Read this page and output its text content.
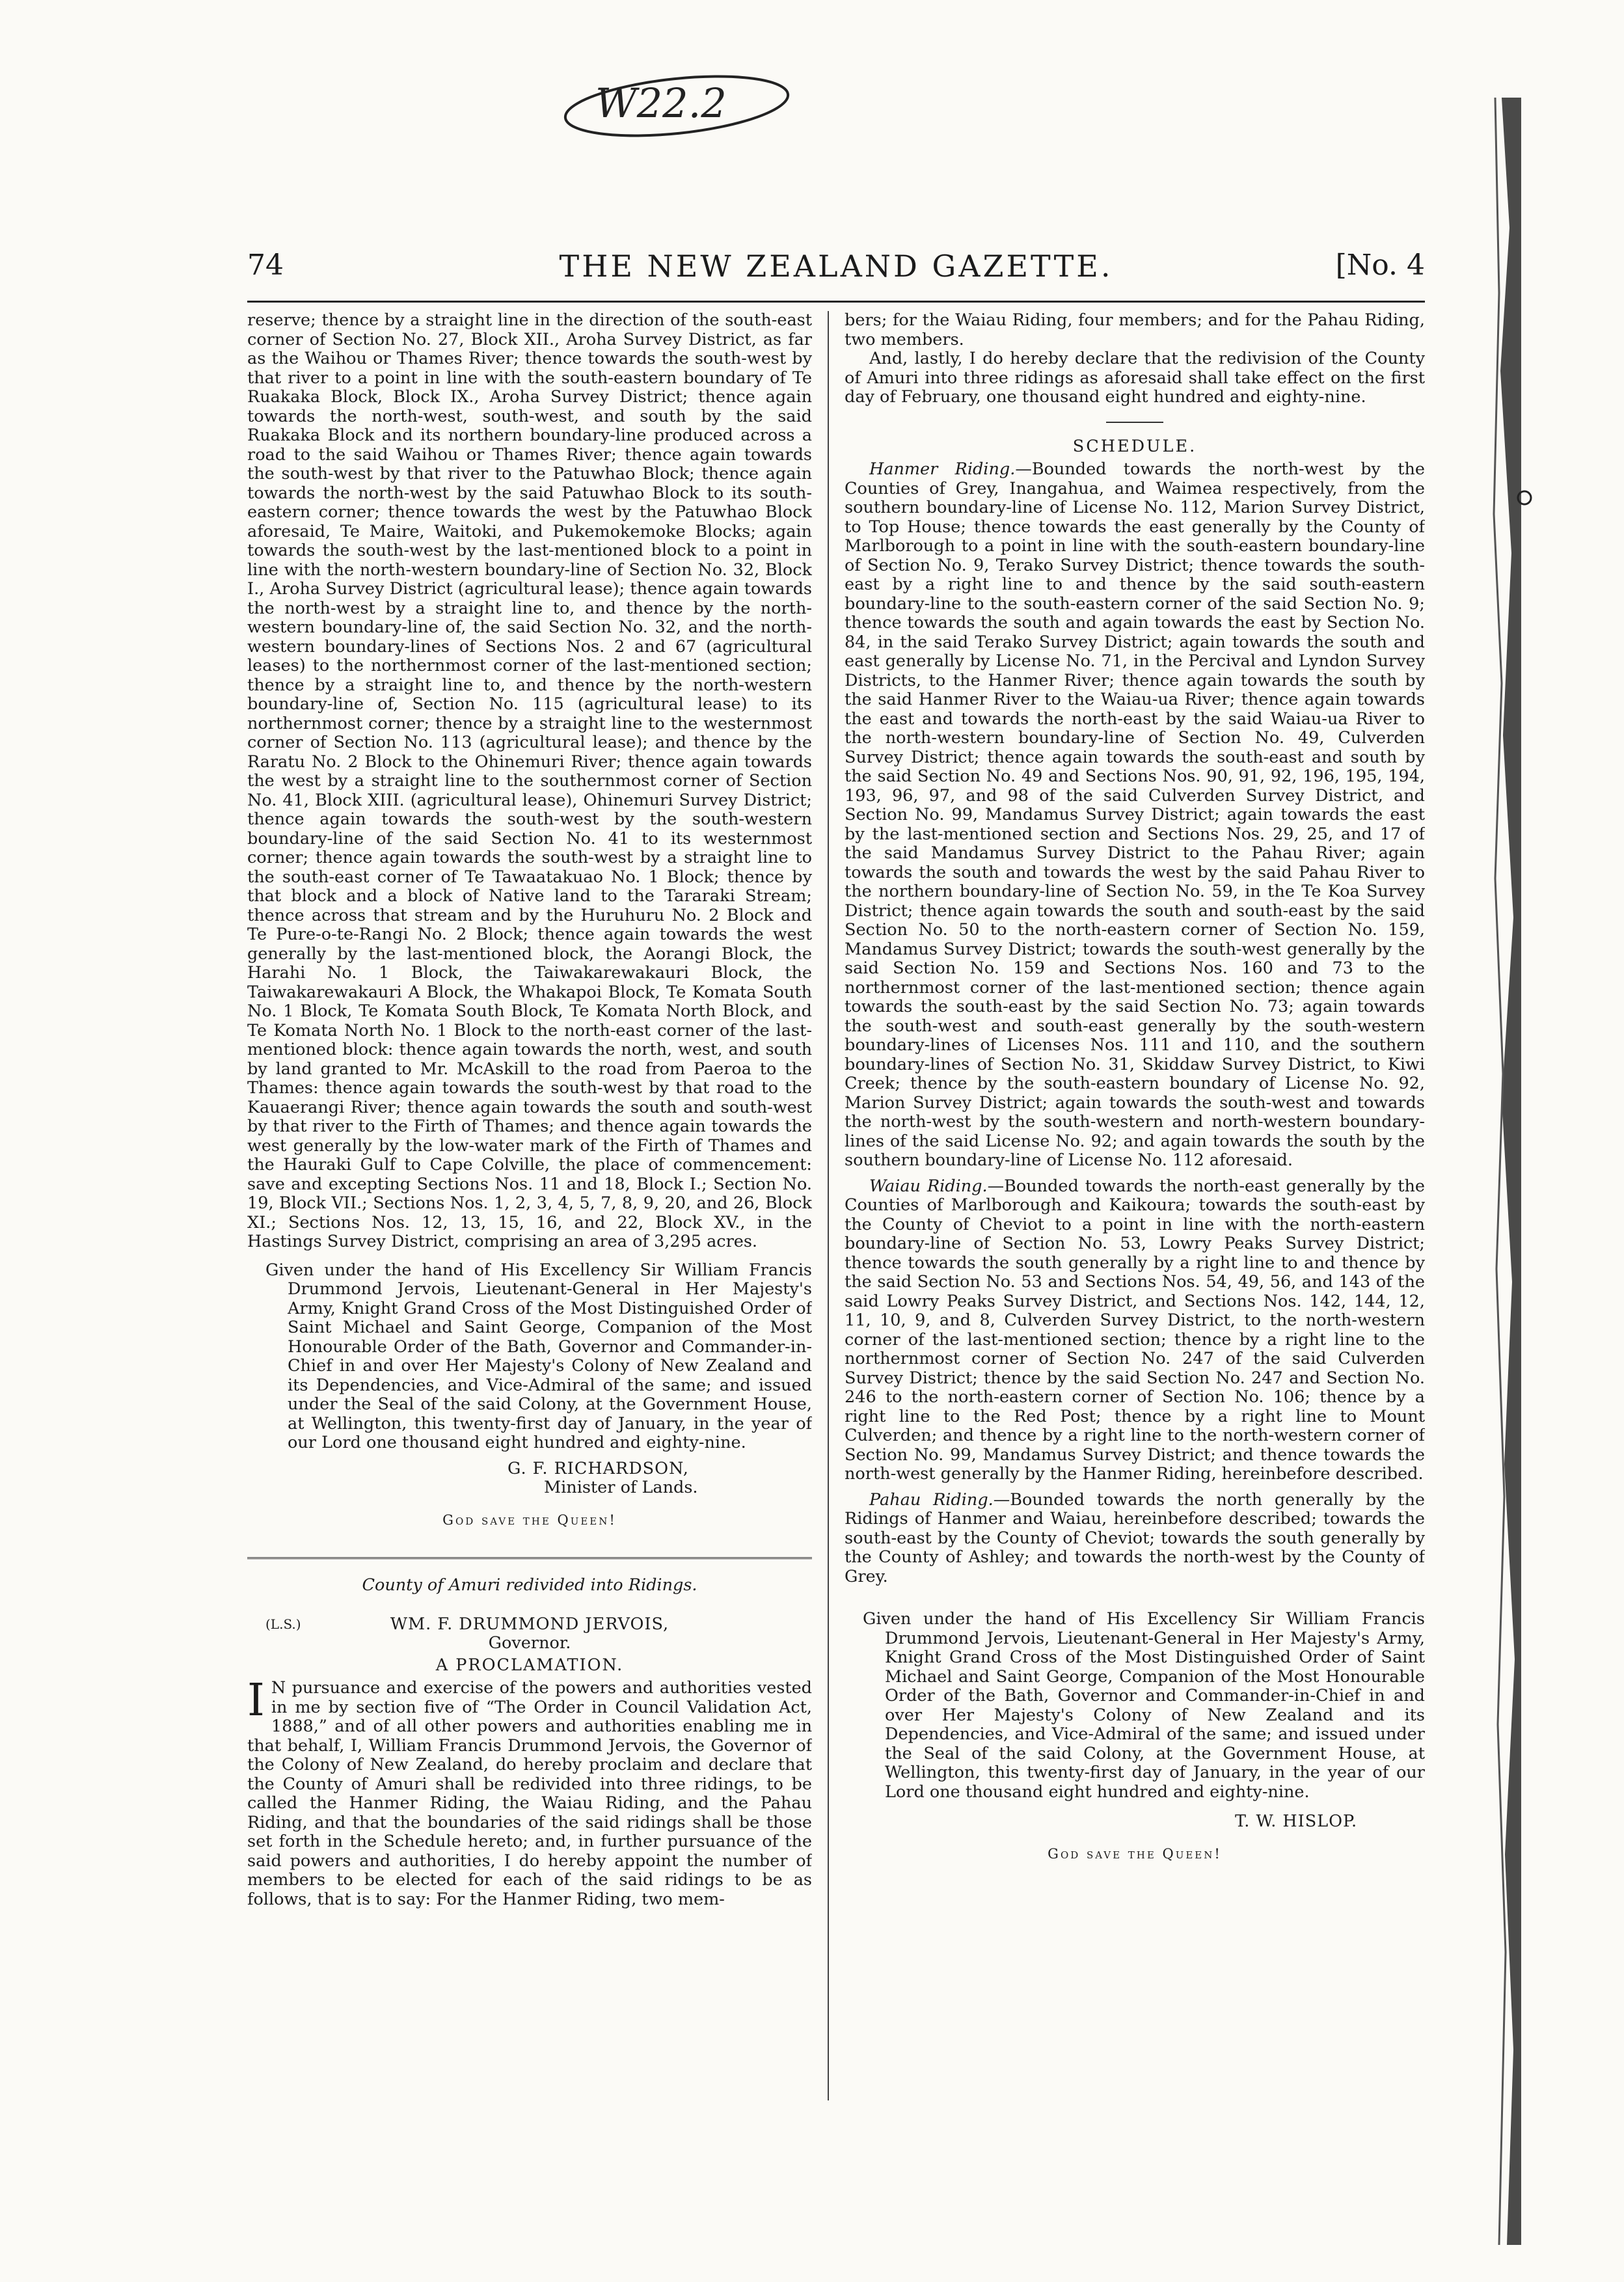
W22.2
74	THE NEW ZEALAND GAZETTE.	[No. 4

reserve; thence by a straight line in the direction of the south-east corner of Section No. 27, Block XII., Aroha Survey District, as far as the Waihou or Thames River; thence towards the south-west by that river to a point in line with the south-eastern boundary of Te Ruakaka Block, Block IX., Aroha Survey District; thence again towards the north-west, south-west, and south by the said Ruakaka Block and its northern boundary-line produced across a road to the said Waihou or Thames River; thence again towards the south-west by that river to the Patuwhao Block; thence again towards the north-west by the said Patuwhao Block to its south-eastern corner; thence towards the west by the Patuwhao Block aforesaid, Te Maire, Waitoki, and Pukemokemoke Blocks; again towards the south-west by the last-mentioned block to a point in line with the north-western boundary-line of Section No. 32, Block I., Aroha Survey District (agricultural lease); thence again towards the north-west by a straight line to, and thence by the north-western boundary-line of, the said Section No. 32, and the north-western boundary-lines of Sections Nos. 2 and 67 (agricultural leases) to the northernmost corner of the last-mentioned section; thence by a straight line to, and thence by the north-western boundary-line of, Section No. 115 (agricultural lease) to its northernmost corner; thence by a straight line to the westernmost corner of Section No. 113 (agricultural lease); and thence by the Raratu No. 2 Block to the Ohinemuri River; thence again towards the west by a straight line to the southernmost corner of Section No. 41, Block XIII. (agricultural lease), Ohinemuri Survey District; thence again towards the south-west by the south-western boundary-line of the said Section No. 41 to its westernmost corner; thence again towards the south-west by a straight line to the south-east corner of Te Tawaatakuao No. 1 Block; thence by that block and a block of Native land to the Tararaki Stream; thence across that stream and by the Huruhuru No. 2 Block and Te Pure-o-te-Rangi No. 2 Block; thence again towards the west generally by the last-mentioned block, the Aorangi Block, the Harahi No. 1 Block, the Taiwakarewakauri Block, the Taiwakarewakauri A Block, the Whakapoi Block, Te Komata South No. 1 Block, Te Komata South Block, Te Komata North Block, and Te Komata North No. 1 Block to the north-east corner of the last-mentioned block: thence again towards the north, west, and south by land granted to Mr. McAskill to the road from Paeroa to the Thames: thence again towards the south-west by that road to the Kauaerangi River; thence again towards the south and south-west by that river to the Firth of Thames; and thence again towards the west generally by the low-water mark of the Firth of Thames and the Hauraki Gulf to Cape Colville, the place of commencement: save and excepting Sections Nos. 11 and 18, Block I.; Section No. 19, Block VII.; Sections Nos. 1, 2, 3, 4, 5, 7, 8, 9, 20, and 26, Block XI.; Sections Nos. 12, 13, 15, 16, and 22, Block XV., in the Hastings Survey District, comprising an area of 3,295 acres.

Given under the hand of His Excellency Sir William Francis Drummond Jervois, Lieutenant-General in Her Majesty's Army, Knight Grand Cross of the Most Distinguished Order of Saint Michael and Saint George, Companion of the Most Honourable Order of the Bath, Governor and Commander-in-Chief in and over Her Majesty's Colony of New Zealand and its Dependencies, and Vice-Admiral of the same; and issued under the Seal of the said Colony, at the Government House, at Wellington, this twenty-first day of January, in the year of our Lord one thousand eight hundred and eighty-nine.

G. F. RICHARDSON,

Minister of Lands.

God save the Queen!

County of Amuri redivided into Ridings.

(L.S.)	WM. F. DRUMMOND JERVOIS,

Governor.

A PROCLAMATION.

I N pursuance and exercise of the powers and authorities vested in me by section five of “The Order in Council Validation Act, 1888,” and of all other powers and authorities enabling me in that behalf, I, William Francis Drummond Jervois, the Governor of the Colony of New Zealand, do hereby proclaim and declare that the County of Amuri shall be redivided into three ridings, to be called the Hanmer Riding, the Waiau Riding, and the Pahau Riding, and that the boundaries of the said ridings shall be those set forth in the Schedule hereto; and, in further pursuance of the said powers and authorities, I do hereby appoint the number of members to be elected for each of the said ridings to be as follows, that is to say: For the Hanmer Riding, two mem-

bers; for the Waiau Riding, four members; and for the Pahau Riding, two members.

And, lastly, I do hereby declare that the redivision of the County of Amuri into three ridings as aforesaid shall take effect on the first day of February, one thousand eight hundred and eighty-nine.

SCHEDULE.

Hanmer Riding.—Bounded towards the north-west by the Counties of Grey, Inangahua, and Waimea respectively, from the southern boundary-line of License No. 112, Marion Survey District, to Top House; thence towards the east generally by the County of Marlborough to a point in line with the south-eastern boundary-line of Section No. 9, Terako Survey District; thence towards the south-east by a right line to and thence by the said south-eastern boundary-line to the south-eastern corner of the said Section No. 9; thence towards the south and again towards the east by Section No. 84, in the said Terako Survey District; again towards the south and east generally by License No. 71, in the Percival and Lyndon Survey Districts, to the Hanmer River; thence again towards the south by the said Hanmer River to the Waiau-ua River; thence again towards the east and towards the north-east by the said Waiau-ua River to the north-western boundary-line of Section No. 49, Culverden Survey District; thence again towards the south-east and south by the said Section No. 49 and Sections Nos. 90, 91, 92, 196, 195, 194, 193, 96, 97, and 98 of the said Culverden Survey District, and Section No. 99, Mandamus Survey District; again towards the east by the last-mentioned section and Sections Nos. 29, 25, and 17 of the said Mandamus Survey District to the Pahau River; again towards the south and towards the west by the said Pahau River to the northern boundary-line of Section No. 59, in the Te Koa Survey District; thence again towards the south and south-east by the said Section No. 50 to the north-eastern corner of Section No. 159, Mandamus Survey District; towards the south-west generally by the said Section No. 159 and Sections Nos. 160 and 73 to the northernmost corner of the last-mentioned section; thence again towards the south-east by the said Section No. 73; again towards the south-west and south-east generally by the south-western boundary-lines of Licenses Nos. 111 and 110, and the southern boundary-lines of Section No. 31, Skiddaw Survey District, to Kiwi Creek; thence by the south-eastern boundary of License No. 92, Marion Survey District; again towards the south-west and towards the north-west by the south-western and north-western boundary-lines of the said License No. 92; and again towards the south by the southern boundary-line of License No. 112 aforesaid.

Waiau Riding.—Bounded towards the north-east generally by the Counties of Marlborough and Kaikoura; towards the south-east by the County of Cheviot to a point in line with the north-eastern boundary-line of Section No. 53, Lowry Peaks Survey District; thence towards the south generally by a right line to and thence by the said Section No. 53 and Sections Nos. 54, 49, 56, and 143 of the said Lowry Peaks Survey District, and Sections Nos. 142, 144, 12, 11, 10, 9, and 8, Culverden Survey District, to the north-western corner of the last-mentioned section; thence by a right line to the northernmost corner of Section No. 247 of the said Culverden Survey District; thence by the said Section No. 247 and Section No. 246 to the north-eastern corner of Section No. 106; thence by a right line to the Red Post; thence by a right line to Mount Culverden; and thence by a right line to the north-western corner of Section No. 99, Mandamus Survey District; and thence towards the north-west generally by the Hanmer Riding, hereinbefore described.

Pahau Riding.—Bounded towards the north generally by the Ridings of Hanmer and Waiau, hereinbefore described; towards the south-east by the County of Cheviot; towards the south generally by the County of Ashley; and towards the north-west by the County of Grey.

Given under the hand of His Excellency Sir William Francis Drummond Jervois, Lieutenant-General in Her Majesty's Army, Knight Grand Cross of the Most Distinguished Order of Saint Michael and Saint George, Companion of the Most Honourable Order of the Bath, Governor and Commander-in-Chief in and over Her Majesty's Colony of New Zealand and its Dependencies, and Vice-Admiral of the same; and issued under the Seal of the said Colony, at the Government House, at Wellington, this twenty-first day of January, in the year of our Lord one thousand eight hundred and eighty-nine.

T. W. HISLOP.

God save the Queen!
